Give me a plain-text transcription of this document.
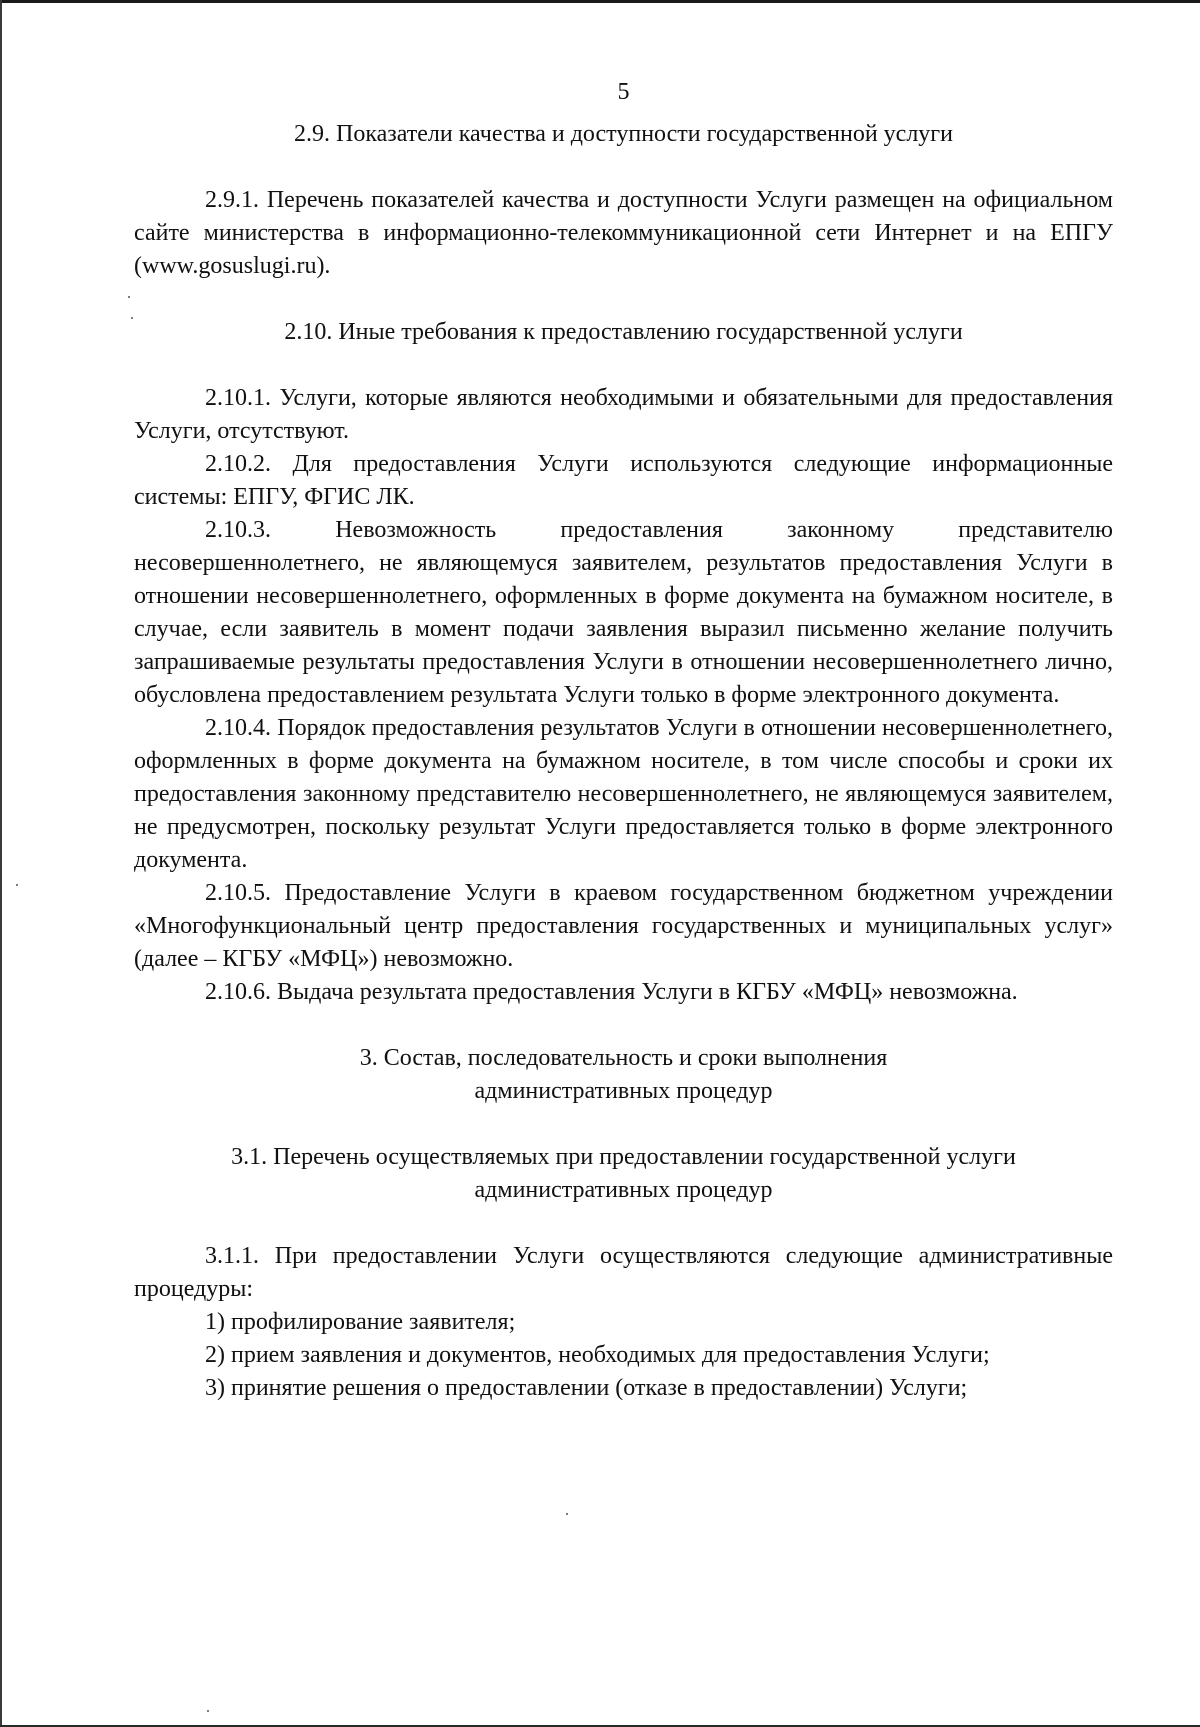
5

2.9. Показатели качества и доступности государственной услуги

2.9.1. Перечень показателей качества и доступности Услуги размещен на официальном сайте министерства в информационно-телекоммуникационной сети Интернет и на ЕПГУ (www.gosuslugi.ru).

2.10. Иные требования к предоставлению государственной услуги

2.10.1. Услуги, которые являются необходимыми и обязательными для предоставления Услуги, отсутствуют.

2.10.2. Для предоставления Услуги используются следующие информационные системы: ЕПГУ, ФГИС ЛК.

2.10.3. Невозможность предоставления законному представителю несовершеннолетнего, не являющемуся заявителем, результатов предоставления Услуги в отношении несовершеннолетнего, оформленных в форме документа на бумажном носителе, в случае, если заявитель в момент подачи заявления выразил письменно желание получить запрашиваемые результаты предоставления Услуги в отношении несовершеннолетнего лично, обусловлена предоставлением результата Услуги только в форме электронного документа.

2.10.4. Порядок предоставления результатов Услуги в отношении несовершеннолетнего, оформленных в форме документа на бумажном носителе, в том числе способы и сроки их предоставления законному представителю несовершеннолетнего, не являющемуся заявителем, не предусмотрен, поскольку результат Услуги предоставляется только в форме электронного документа.

2.10.5. Предоставление Услуги в краевом государственном бюджетном учреждении «Многофункциональный центр предоставления государственных и муниципальных услуг» (далее – КГБУ «МФЦ») невозможно.

2.10.6. Выдача результата предоставления Услуги в КГБУ «МФЦ» невозможна.

3. Состав, последовательность и сроки выполнения

административных процедур

3.1. Перечень осуществляемых при предоставлении государственной услуги

административных процедур

3.1.1. При предоставлении Услуги осуществляются следующие административные процедуры:

1) профилирование заявителя;

2) прием заявления и документов, необходимых для предоставления Услуги;

3) принятие решения о предоставлении (отказе в предоставлении) Услуги;
